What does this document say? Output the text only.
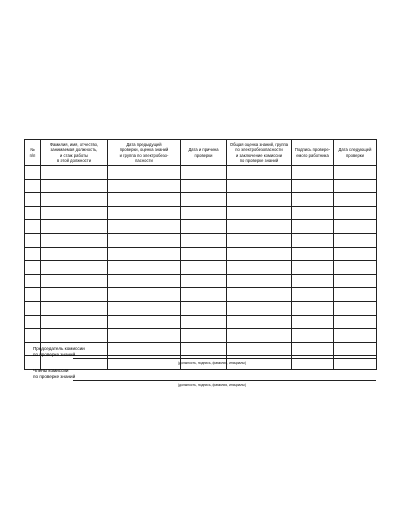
№
п/п	Фамилия, имя, отчество,
занимаемая должность,
и стаж работы
в этой должности	Дата предыдущей
проверки, оценка знаний
и группа по электробезо-
пасности	Дата и причина
проверки	Общая оценка знаний, группа
по электробезопасности
и заключение комиссии
по проверке знаний	Подпись провере-
емого работника	Дата следующей
проверки

Председатель комиссии
по проверке знаний
(должность, подпись, фамилия, инициалы)
Члены комиссии
по проверке знаний
(должность, подпись, фамилия, инициалы)
